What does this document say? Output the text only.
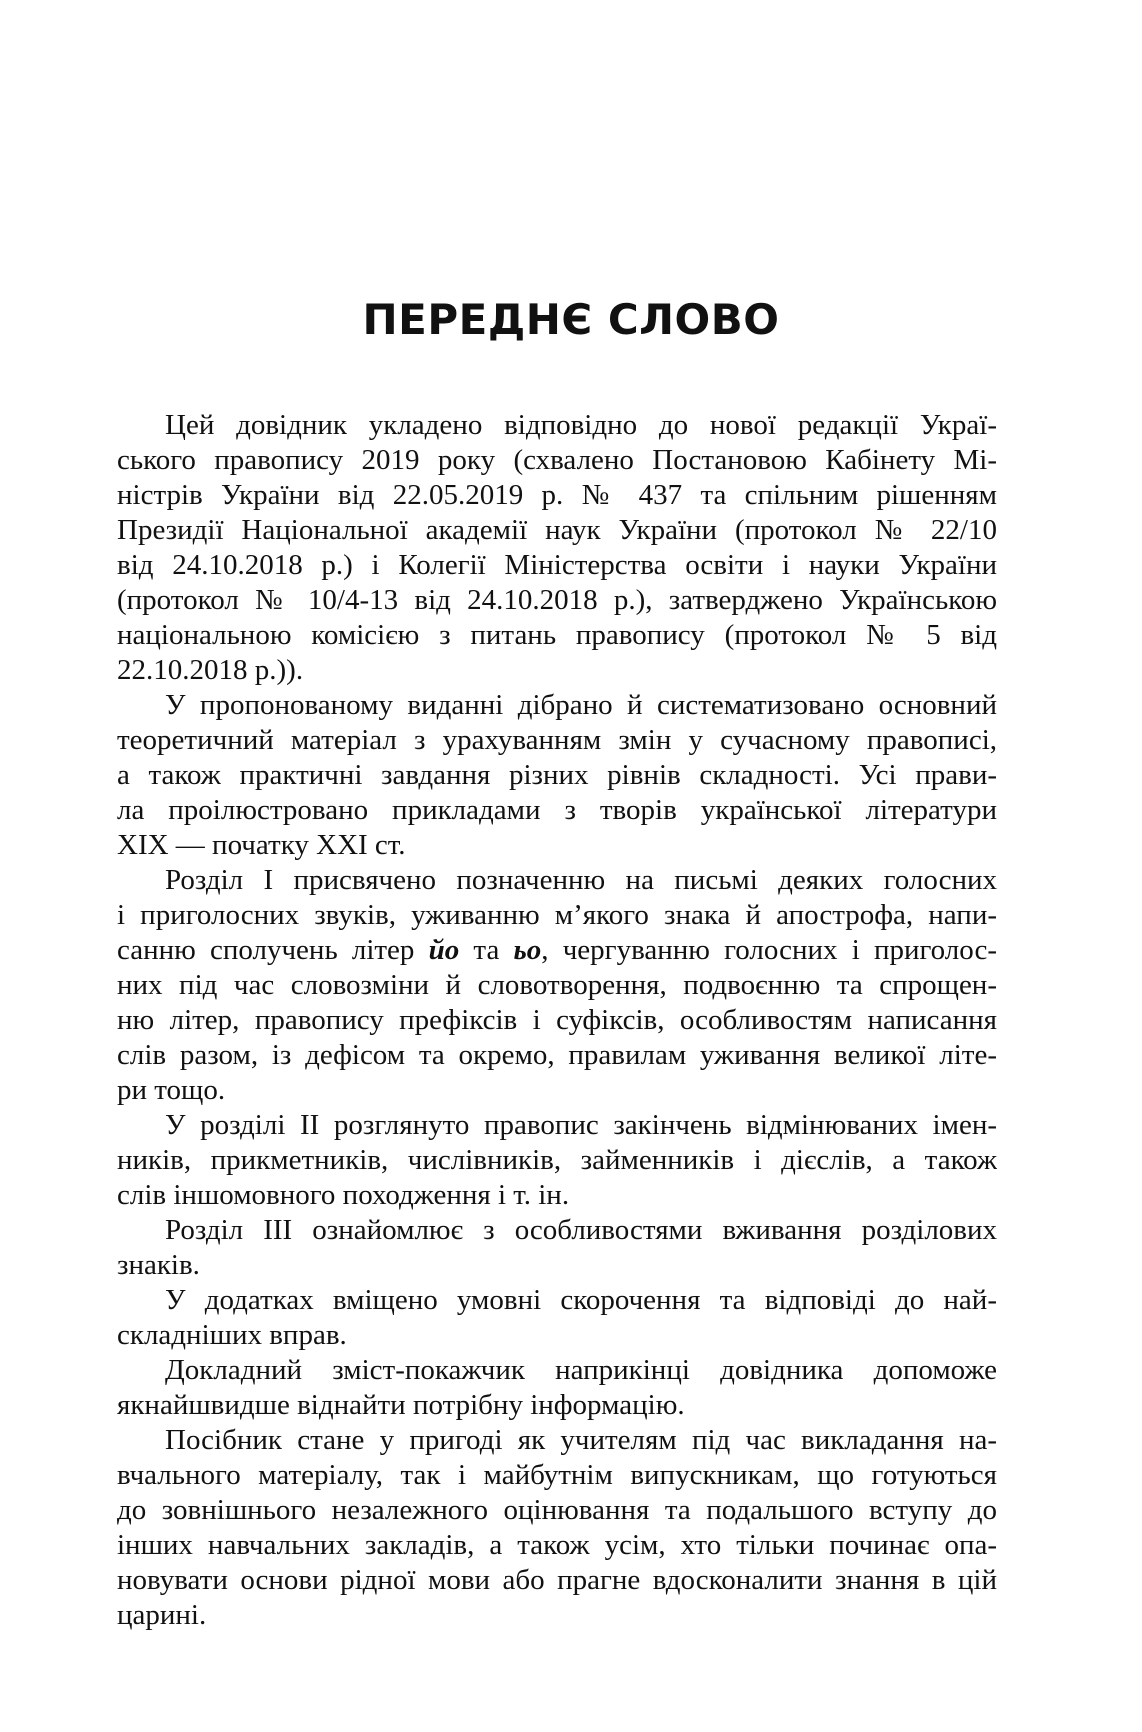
ПЕРЕДНЄ СЛОВО
Цей довідник укладено відповідно до нової редакції Украї-
ського правопису 2019 року (схвалено Постановою Кабінету Мі-
ністрів України від 22.05.2019 р. № 437 та спільним рішенням
Президії Національної академії наук України (протокол № 22/10
від 24.10.2018 р.) і Колегії Міністерства освіти і науки України
(протокол № 10/4-13 від 24.10.2018 р.), затверджено Українською
національною комісією з питань правопису (протокол № 5 від
22.10.2018 р.)).
У пропонованому виданні дібрано й систематизовано основний
теоретичний матеріал з урахуванням змін у сучасному правописі,
а також практичні завдання різних рівнів складності. Усі прави-
ла проілюстровано прикладами з творів української літератури
XIX — початку XXI ст.
Розділ I присвячено позначенню на письмі деяких голосних
і приголосних звуків, уживанню м’якого знака й апострофа, напи-
санню сполучень літер йо та ьо, чергуванню голосних і приголос-
них під час словозміни й словотворення, подвоєнню та спрощен-
ню літер, правопису префіксів і суфіксів, особливостям написання
слів разом, із дефісом та окремо, правилам уживання великої літе-
ри тощо.
У розділі II розглянуто правопис закінчень відмінюваних імен-
ників, прикметників, числівників, займенників і дієслів, а також
слів іншомовного походження і т. ін.
Розділ III ознайомлює з особливостями вживання розділових
знаків.
У додатках вміщено умовні скорочення та відповіді до най-
складніших вправ.
Докладний зміст-покажчик наприкінці довідника допоможе
якнайшвидше віднайти потрібну інформацію.
Посібник стане у пригоді як учителям під час викладання на-
вчального матеріалу, так і майбутнім випускникам, що готуються
до зовнішнього незалежного оцінювання та подальшого вступу до
інших навчальних закладів, а також усім, хто тільки починає опа-
новувати основи рідної мови або прагне вдосконалити знання в цій
царині.
